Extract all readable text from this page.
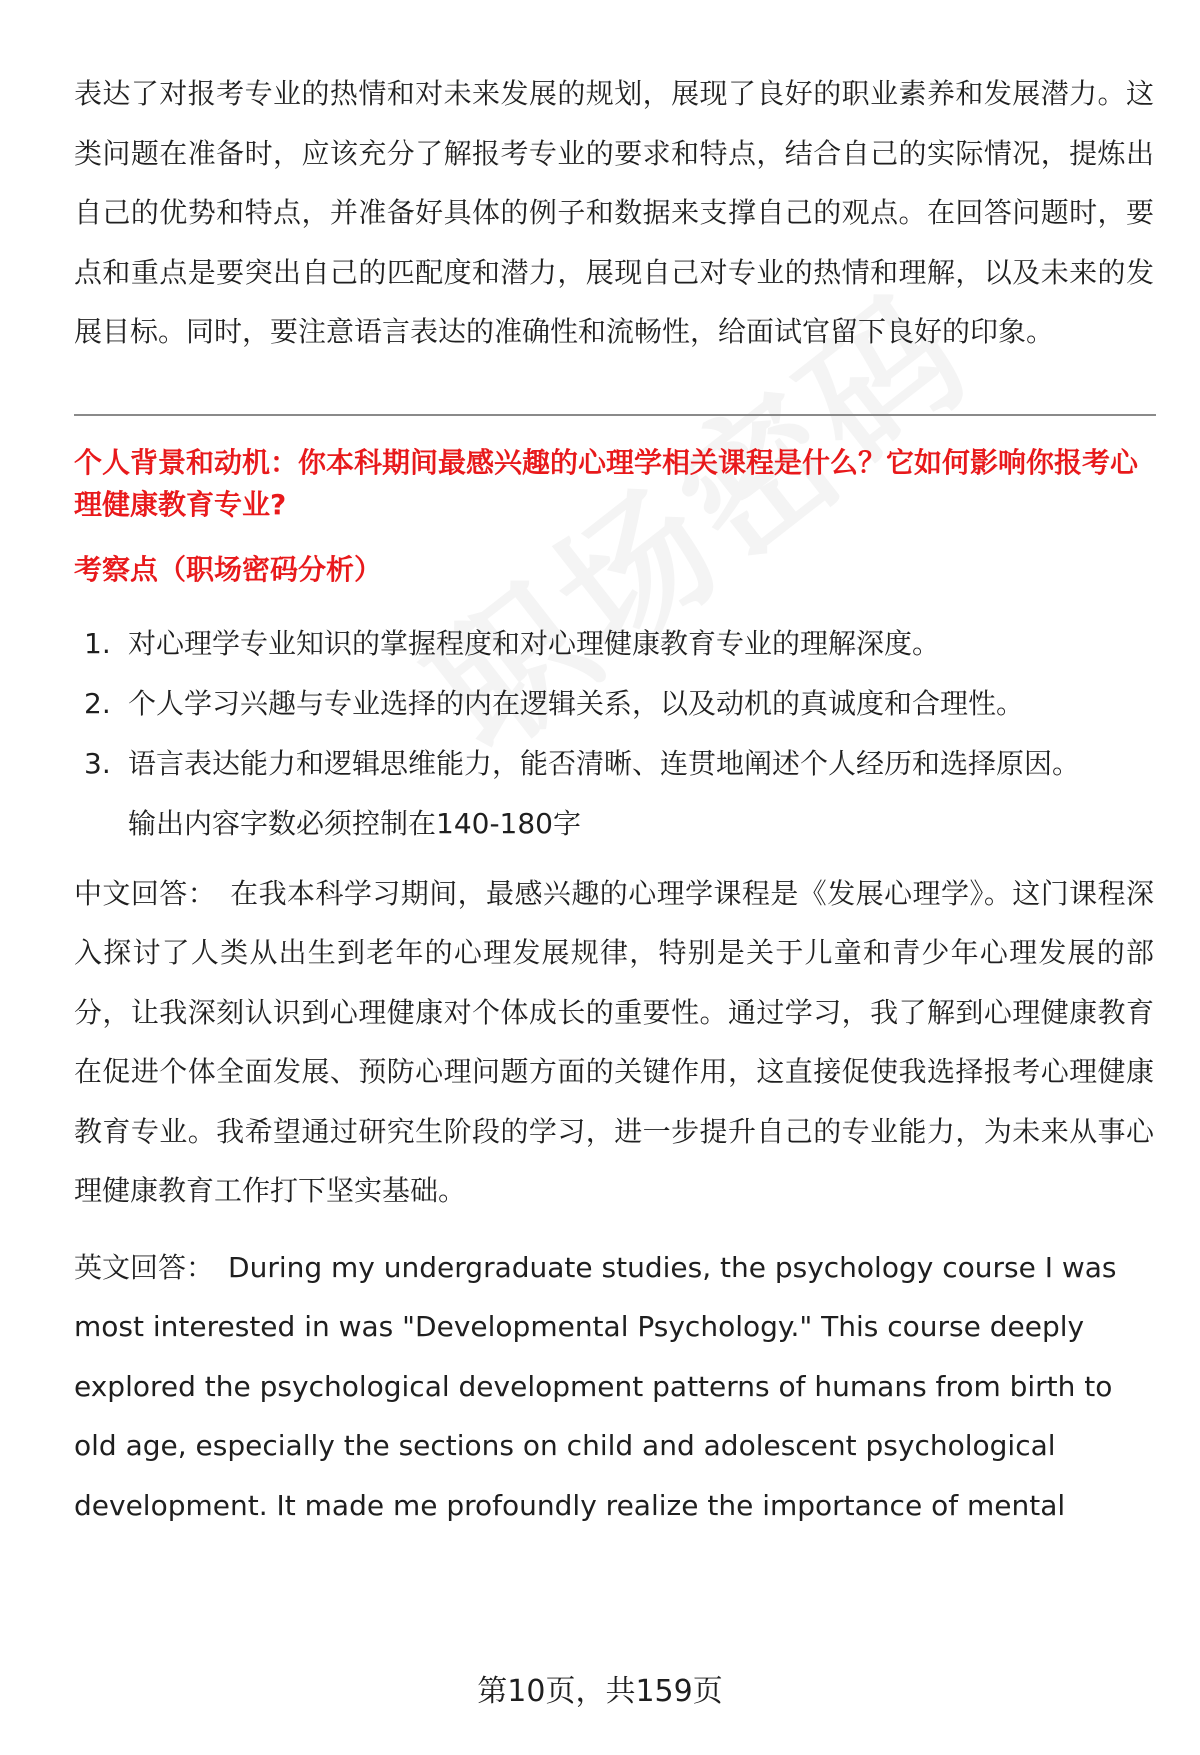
表达了对报考专业的热情和对未来发展的规划，展现了良好的职业素养和发展潜力。这类问题在准备时，应该充分了解报考专业的要求和特点，结合自己的实际情况，提炼出自己的优势和特点，并准备好具体的例子和数据来支撑自己的观点。在回答问题时，要点和重点是要突出自己的匹配度和潜力，展现自己对专业的热情和理解，以及未来的发展目标。同时，要注意语言表达的准确性和流畅性，给面试官留下良好的印象。

个人背景和动机：你本科期间最感兴趣的心理学相关课程是什么？它如何影响你报考心理健康教育专业?

考察点（职场密码分析）

1. 对心理学专业知识的掌握程度和对心理健康教育专业的理解深度。
2. 个人学习兴趣与专业选择的内在逻辑关系，以及动机的真诚度和合理性。
3. 语言表达能力和逻辑思维能力，能否清晰、连贯地阐述个人经历和选择原因。

输出内容字数必须控制在140-180字

中文回答： 在我本科学习期间，最感兴趣的心理学课程是《发展心理学》。这门课程深入探讨了人类从出生到老年的心理发展规律，特别是关于儿童和青少年心理发展的部分，让我深刻认识到心理健康对个体成长的重要性。通过学习，我了解到心理健康教育在促进个体全面发展、预防心理问题方面的关键作用，这直接促使我选择报考心理健康教育专业。我希望通过研究生阶段的学习，进一步提升自己的专业能力，为未来从事心理健康教育工作打下坚实基础。

英文回答： During my undergraduate studies, the psychology course I was most interested in was "Developmental Psychology." This course deeply explored the psychological development patterns of humans from birth to old age, especially the sections on child and adolescent psychological development. It made me profoundly realize the importance of mental

第10页，共159页
